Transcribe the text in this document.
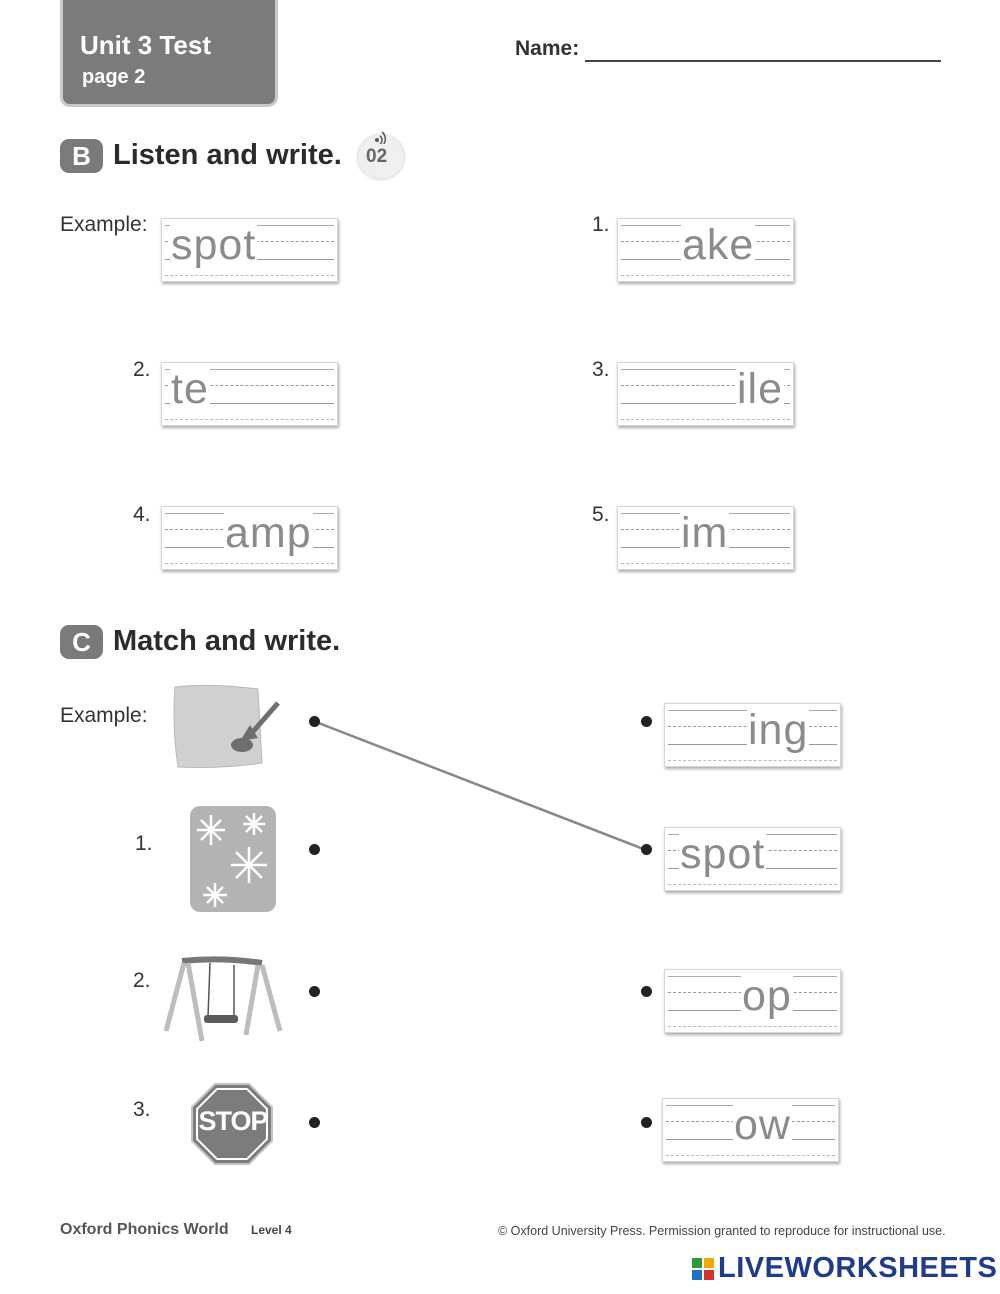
Unit 3 Test
page 2
Name:
B Listen and write. 02
Example: spot	1. ake
2. te	3.	ile
4. amp	5. im
C Match and write.
Example:
STOP
1.
2.
3.
ing
spot
op
ow
Oxford Phonics World Level 4	© Oxford University Press. Permission granted to reproduce for instructional use.
LIVEWORKSHEETS
